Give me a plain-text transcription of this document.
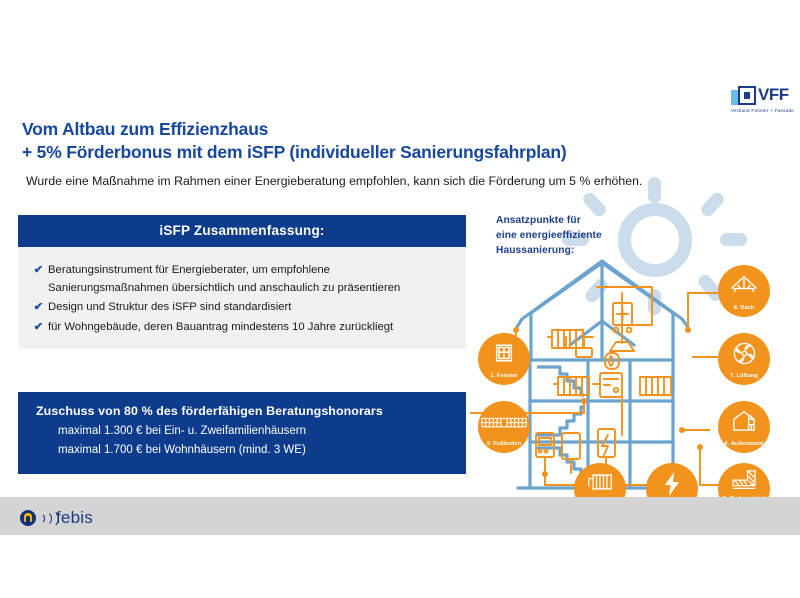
VFF
Verband Fenster + Fassade
Vom Altbau zum Effizienzhaus
+ 5% Förderbonus mit dem iSFP (individueller Sanierungsfahrplan)
Wurde eine Maßnahme im Rahmen einer Energieberatung empfohlen, kann sich die Förderung um 5 % erhöhen.
iSFP Zusammenfassung:
✔ Beratungsinstrument für Energieberater, um empfohlene
Sanierungsmaßnahmen übersichtlich und anschaulich zu präsentieren
✔ Design und Struktur des iSFP sind standardisiert
✔ für Wohngebäude, deren Bauantrag mindestens 10 Jahre zurückliegt
Zuschuss von 80 % des förderfähigen Beratungshonorars
maximal 1.300 € bei Ein- u. Zweifamilienhäusern
maximal 1.700 € bei Wohnhäusern (mind. 3 WE)
Ansatzpunkte für
eine energieeffiziente
Haussanierung:
1. Fenster
2. Fußboden	6. Außenwand
7. Lüftung
8. Dach
febis
